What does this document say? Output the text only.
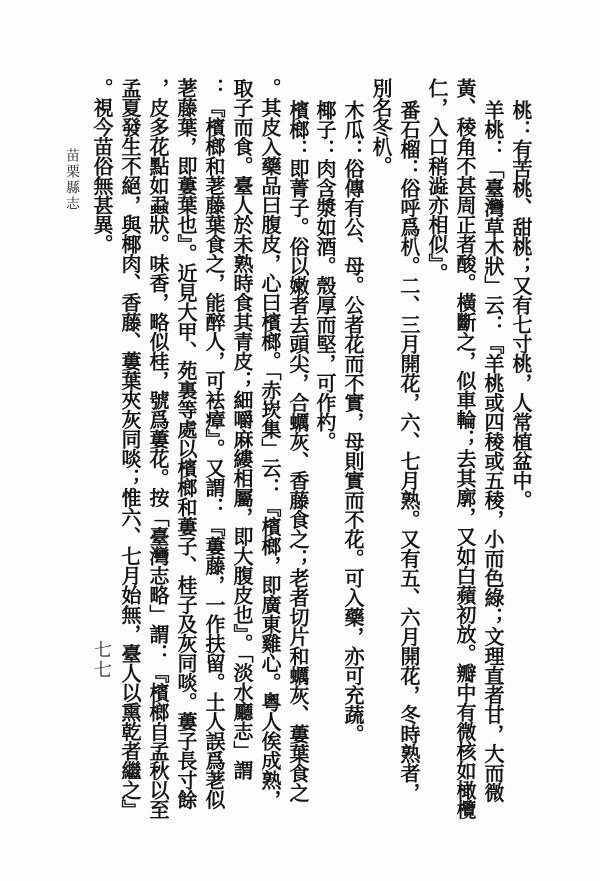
苗栗縣志
七七
桃：有苦桃、甜桃；又有七寸桃，人常植盆中。
羊桃：「臺灣草木狀」云：『羊桃或四稜或五稜，小而色綠；文理直者甘，大而微
黃、稜角不甚周正者酸。橫斷之，似車輪；去其廓，又如白蘋初放。瓣中有微核如橄欖
仁，入口稍澁亦相似』。
番石榴：俗呼爲朳。二、三月開花，六、七月熟。又有五、六月開花，冬時熟者，
別名冬朳。
木瓜：俗傳有公、母。公者花而不實，母則實而不花。可入藥，亦可充蔬。
椰子：肉含漿如酒。殼厚而堅，可作杓。
檳榔：即菁子。俗以嫩者去頭尖，合蠣灰、香藤食之；老者切片和蠣灰、蔞葉食之
。其皮入藥品曰腹皮，心曰檳榔。「赤崁集」云：『檳榔，即廣東雞心。粵人俟成熟，
取子而食。臺人於未熟時食其青皮；細嚼麻縷相屬，即大腹皮也』。「淡水廳志」謂
：『檳榔和荖藤葉食之，能醉人，可袪瘴』。又謂：『蔞藤，一作扶留。土人誤爲荖似
荖藤葉，即蔞葉也』。近見大甲、苑裏等處以檳榔和蔞子、桂子及灰同啖。蔞子長寸餘
，皮多花點如蝨狀。味香，略似桂，號爲蔞花。按「臺灣志略」謂：『檳榔自孟秋以至
孟夏發生不絕，與椰肉、香藤、蔞葉夾灰同啖；惟六、七月始無，臺人以熏乾者繼之』
。視今苗俗無甚異。
